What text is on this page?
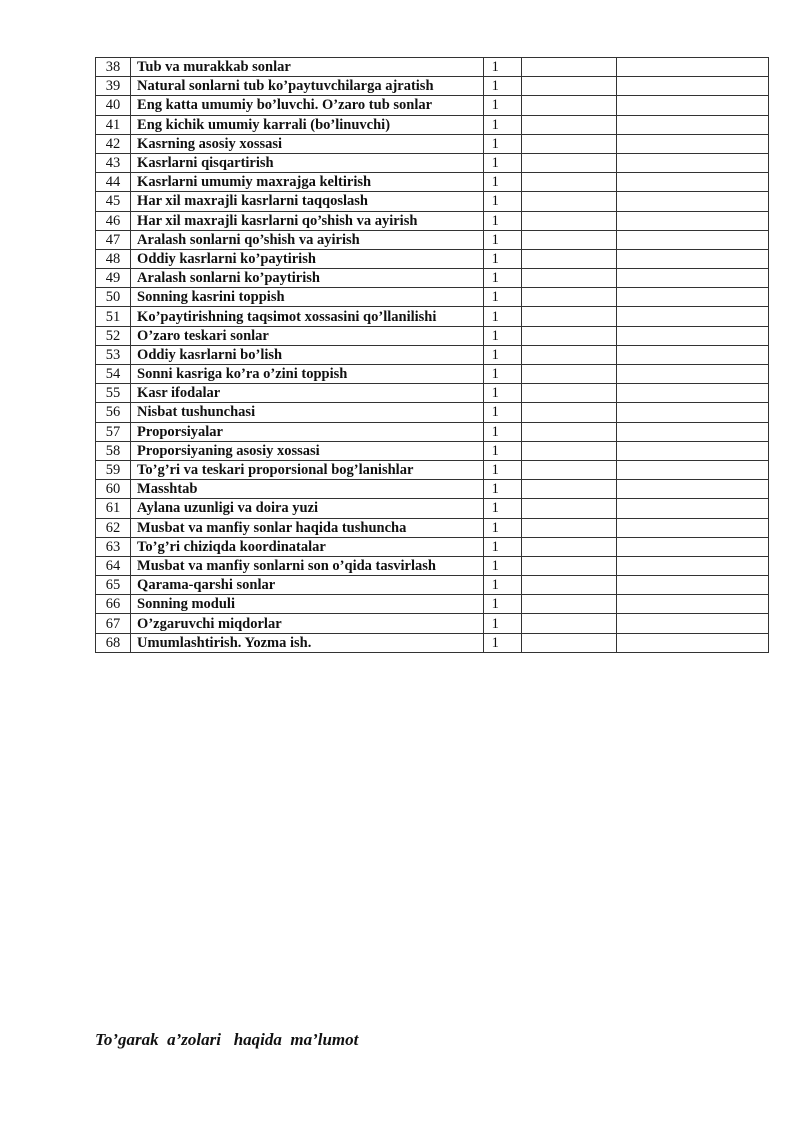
38	Tub va murakkab sonlar	1		
39	Natural sonlarni tub ko’paytuvchilarga ajratish	1		
40	Eng katta umumiy bo’luvchi. O’zaro tub sonlar	1		
41	Eng kichik umumiy karrali (bo’linuvchi)	1		
42	Kasrning asosiy xossasi	1		
43	Kasrlarni qisqartirish	1		
44	Kasrlarni umumiy maxrajga keltirish	1		
45	Har xil maxrajli kasrlarni taqqoslash	1		
46	Har xil maxrajli kasrlarni qo’shish va ayirish	1		
47	Aralash sonlarni qo’shish va ayirish	1		
48	Oddiy kasrlarni ko’paytirish	1		
49	Aralash sonlarni ko’paytirish	1		
50	Sonning kasrini toppish	1		
51	Ko’paytirishning taqsimot xossasini qo’llanilishi	1		
52	O’zaro teskari sonlar	1		
53	Oddiy kasrlarni bo’lish	1		
54	Sonni kasriga ko’ra o’zini toppish	1		
55	Kasr ifodalar	1		
56	Nisbat tushunchasi	1		
57	Proporsiyalar	1		
58	Proporsiyaning asosiy xossasi	1		
59	To’g’ri va teskari proporsional bog’lanishlar	1		
60	Masshtab	1		
61	Aylana uzunligi va doira yuzi	1		
62	Musbat va manfiy sonlar haqida tushuncha	1		
63	To’g’ri chiziqda koordinatalar	1		
64	Musbat va manfiy sonlarni son o’qida tasvirlash	1		
65	Qarama-qarshi sonlar	1		
66	Sonning moduli	1		
67	O’zgaruvchi miqdorlar	1		
68	Umumlashtirish. Yozma ish.	1		
To’garak  a’zolari   haqida  ma’lumot
